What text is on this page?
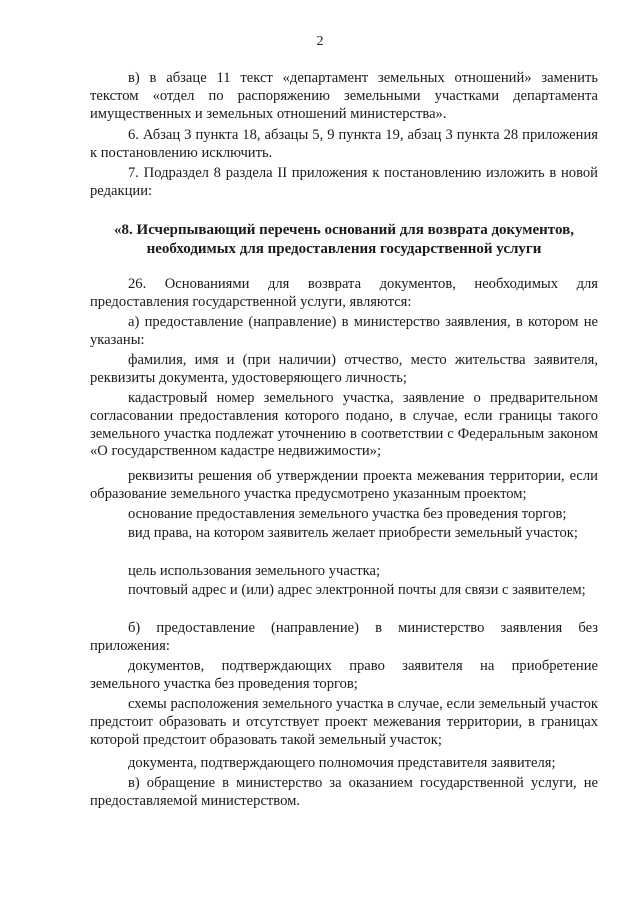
2

в) в абзаце 11 текст «департамент земельных отношений» заменить текстом «отдел по распоряжению земельными участками департамента имущественных и земельных отношений министерства».

6. Абзац 3 пункта 18, абзацы 5, 9 пункта 19, абзац 3 пункта 28 приложения к постановлению исключить.

7. Подраздел 8 раздела II приложения к постановлению изложить в новой редакции:

«8. Исчерпывающий перечень оснований для возврата документов, необходимых для предоставления государственной услуги

26. Основаниями для возврата документов, необходимых для предоставления государственной услуги, являются:

а) предоставление (направление) в министерство заявления, в котором не указаны:

фамилия, имя и (при наличии) отчество, место жительства заявителя, реквизиты документа, удостоверяющего личность;

кадастровый номер земельного участка, заявление о предварительном согласовании предоставления которого подано, в случае, если границы такого земельного участка подлежат уточнению в соответствии с Федеральным законом «О государственном кадастре недвижимости»;

реквизиты решения об утверждении проекта межевания территории, если образование земельного участка предусмотрено указанным проектом;

основание предоставления земельного участка без проведения торгов;

вид права, на котором заявитель желает приобрести земельный участок;

цель использования земельного участка;

почтовый адрес и (или) адрес электронной почты для связи с заявителем;

б) предоставление (направление) в министерство заявления без приложения:

документов, подтверждающих право заявителя на приобретение земельного участка без проведения торгов;

схемы расположения земельного участка в случае, если земельный участок предстоит образовать и отсутствует проект межевания территории, в границах которой предстоит образовать такой земельный участок;

документа, подтверждающего полномочия представителя заявителя;

в) обращение в министерство за оказанием государственной услуги, не предоставляемой министерством.
